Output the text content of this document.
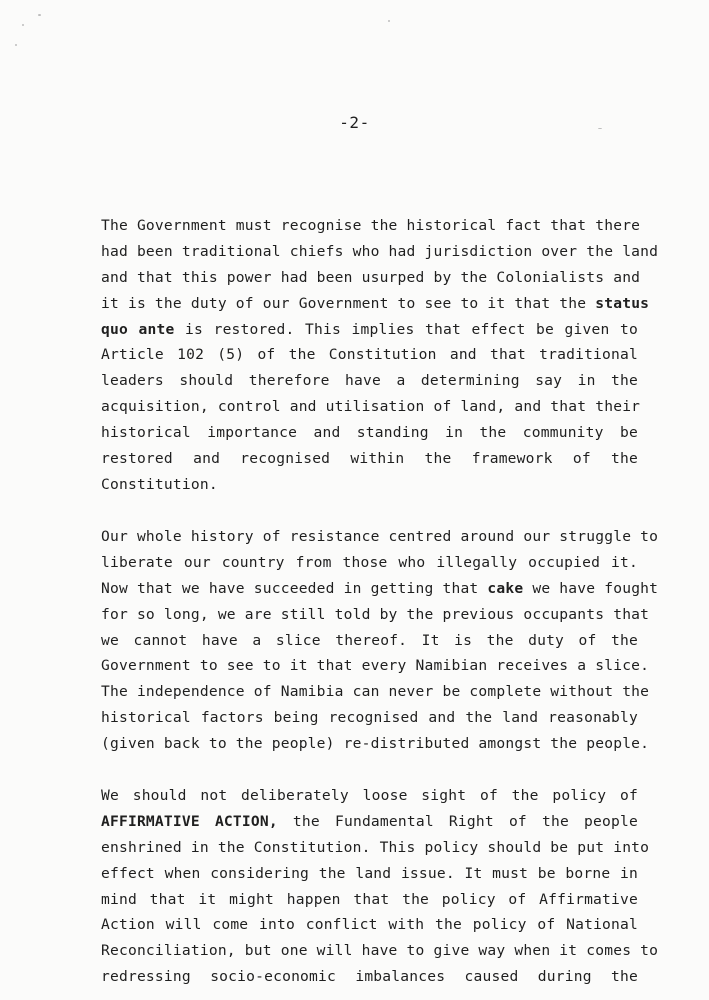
-2-
The Government must recognise the historical fact that there
had been traditional chiefs who had jurisdiction over the land
and that this power had been usurped by the Colonialists and
it is the duty of our Government to see to it that the status
quo ante is restored. This implies that effect be given to
Article 102 (5) of the Constitution and that traditional
leaders should therefore have a determining say in the
acquisition, control and utilisation of land, and that their
historical importance and standing in the community be
restored and recognised within the framework of the
Constitution.
Our whole history of resistance centred around our struggle to
liberate our country from those who illegally occupied it.
Now that we have succeeded in getting that cake we have fought
for so long, we are still told by the previous occupants that
we cannot have a slice thereof. It is the duty of the
Government to see to it that every Namibian receives a slice.
The independence of Namibia can never be complete without the
historical factors being recognised and the land reasonably
(given back to the people) re-distributed amongst the people.
We should not deliberately loose sight of the policy of
AFFIRMATIVE ACTION, the Fundamental Right of the people
enshrined in the Constitution. This policy should be put into
effect when considering the land issue. It must be borne in
mind that it might happen that the policy of Affirmative
Action will come into conflict with the policy of National
Reconciliation, but one will have to give way when it comes to
redressing socio-economic imbalances caused during the
